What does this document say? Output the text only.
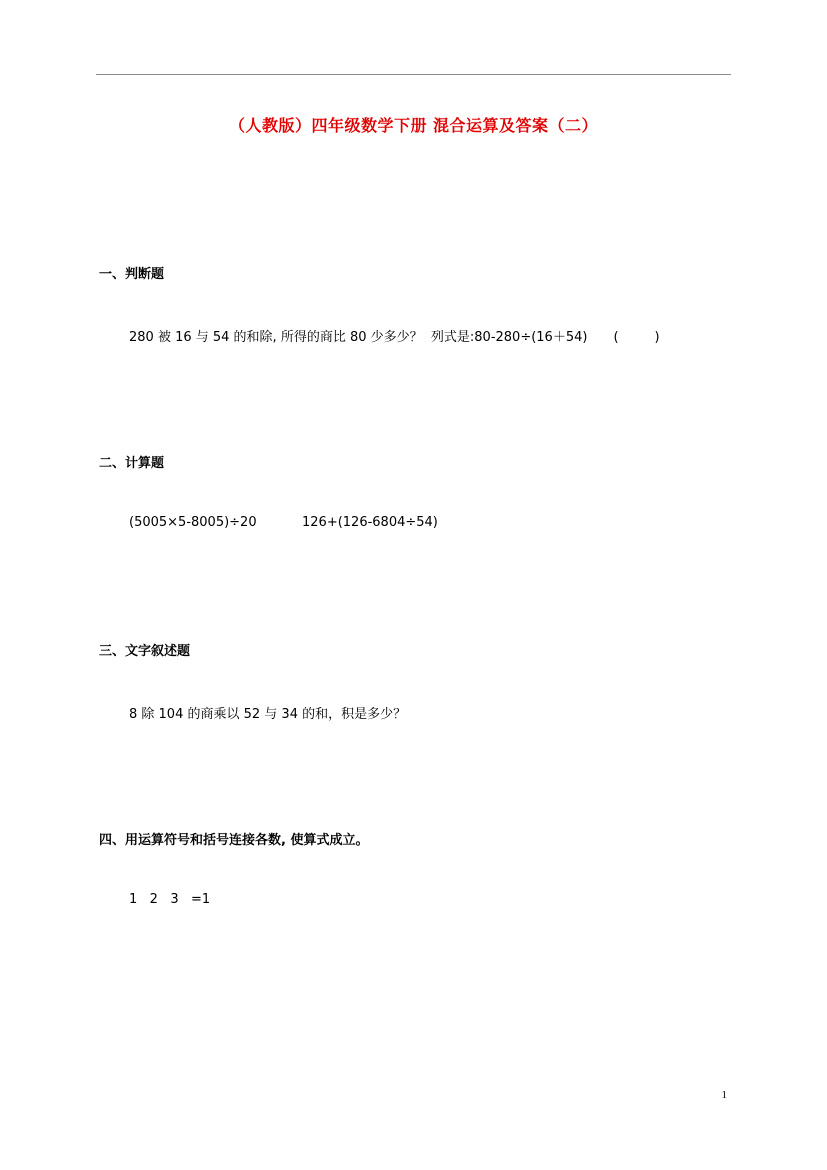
（人教版）四年级数学下册 混合运算及答案（二）
一、判断题
280 被 16 与 54 的和除, 所得的商比 80 少多少？  列式是:80-280÷(16＋54) (	)
二、计算题
(5005×5-8005)÷20	126+(126-6804÷54)
三、文字叙述题
8 除 104 的商乘以 52 与 34 的和，积是多少？
四、用运算符号和括号连接各数, 使算式成立。
1   2   3   =1
1
